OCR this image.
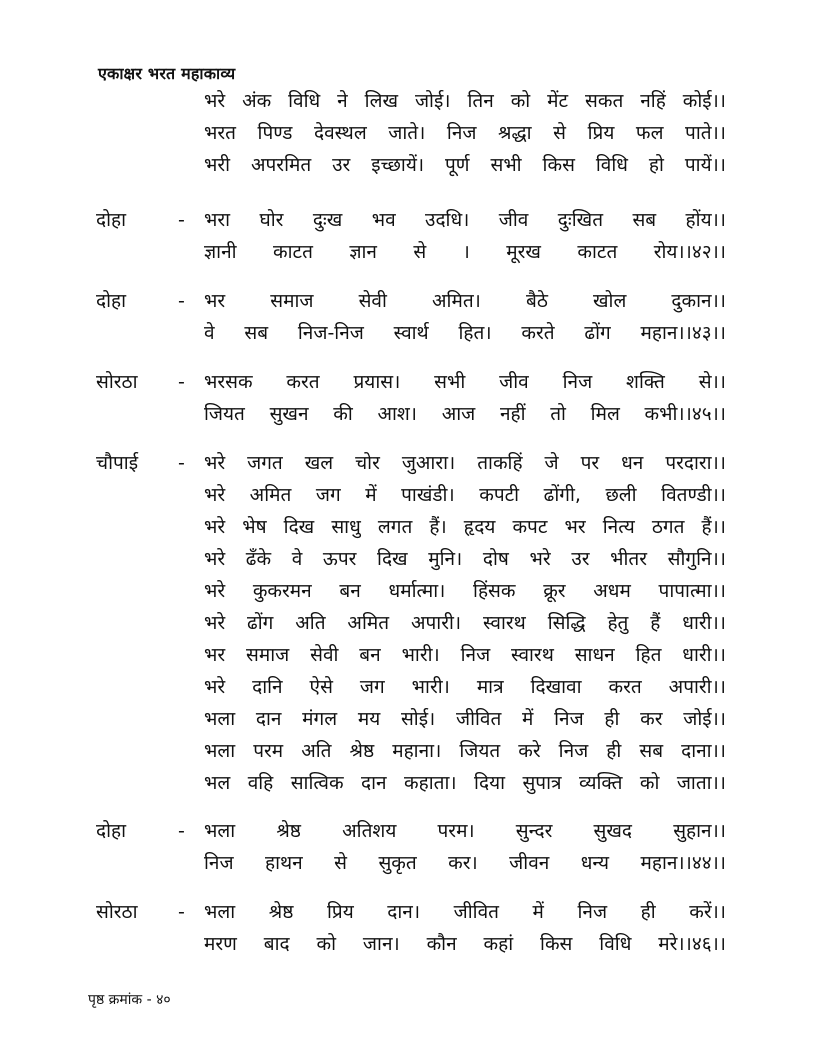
एकाक्षर भरत महाकाव्य
भरे अंक विधि ने लिख जोई। तिन को मेंट सकत नहिं कोई।।
भरत पिण्ड देवस्थल जाते। निज श्रद्धा से प्रिय फल पाते।।
भरी अपरमित उर इच्छायें। पूर्ण सभी किस विधि हो पायें।।
दोहा	- भरा घोर दुःख भव उदधि। जीव दुःखित सब होंय।।
ज्ञानी काटत ज्ञान से । मूरख काटत रोय।।४२।।
दोहा	- भर समाज सेवी अमित। बैठे खोल दुकान।।
वे सब निज-निज स्वार्थ हित। करते ढोंग महान।।४३।।
सोरठा - भरसक करत प्रयास। सभी जीव निज शक्ति से।।
जियत सुखन की आश। आज नहीं तो मिल कभी।।४५।।
चौपाई - भरे जगत खल चोर जुआरा। ताकहिं जे पर धन परदारा।।
भरे अमित जग में पाखंडी। कपटी ढोंगी, छली वितण्डी।।
भरे भेष दिख साधु लगत हैं। हृदय कपट भर नित्य ठगत हैं।।
भरे ढँके वे ऊपर दिख मुनि। दोष भरे उर भीतर सौगुनि।।
भरे कुकरमन बन धर्मात्मा। हिंसक क्रूर अधम पापात्मा।।
भरे ढोंग अति अमित अपारी। स्वारथ सिद्धि हेतु हैं धारी।।
भर समाज सेवी बन भारी। निज स्वारथ साधन हित धारी।।
भरे दानि ऐसे जग भारी। मात्र दिखावा करत अपारी।।
भला दान मंगल मय सोई। जीवित में निज ही कर जोई।।
भला परम अति श्रेष्ठ महाना। जियत करे निज ही सब दाना।।
भल वहि सात्विक दान कहाता। दिया सुपात्र व्यक्ति को जाता।।
दोहा	- भला श्रेष्ठ अतिशय परम। सुन्दर सुखद सुहान।।
निज हाथन से सुकृत कर। जीवन धन्य महान।।४४।।
सोरठा - भला श्रेष्ठ प्रिय दान। जीवित में निज ही करें।।
मरण बाद को जान। कौन कहां किस विधि मरे।।४६।।
पृष्ठ क्रमांक - ४०
